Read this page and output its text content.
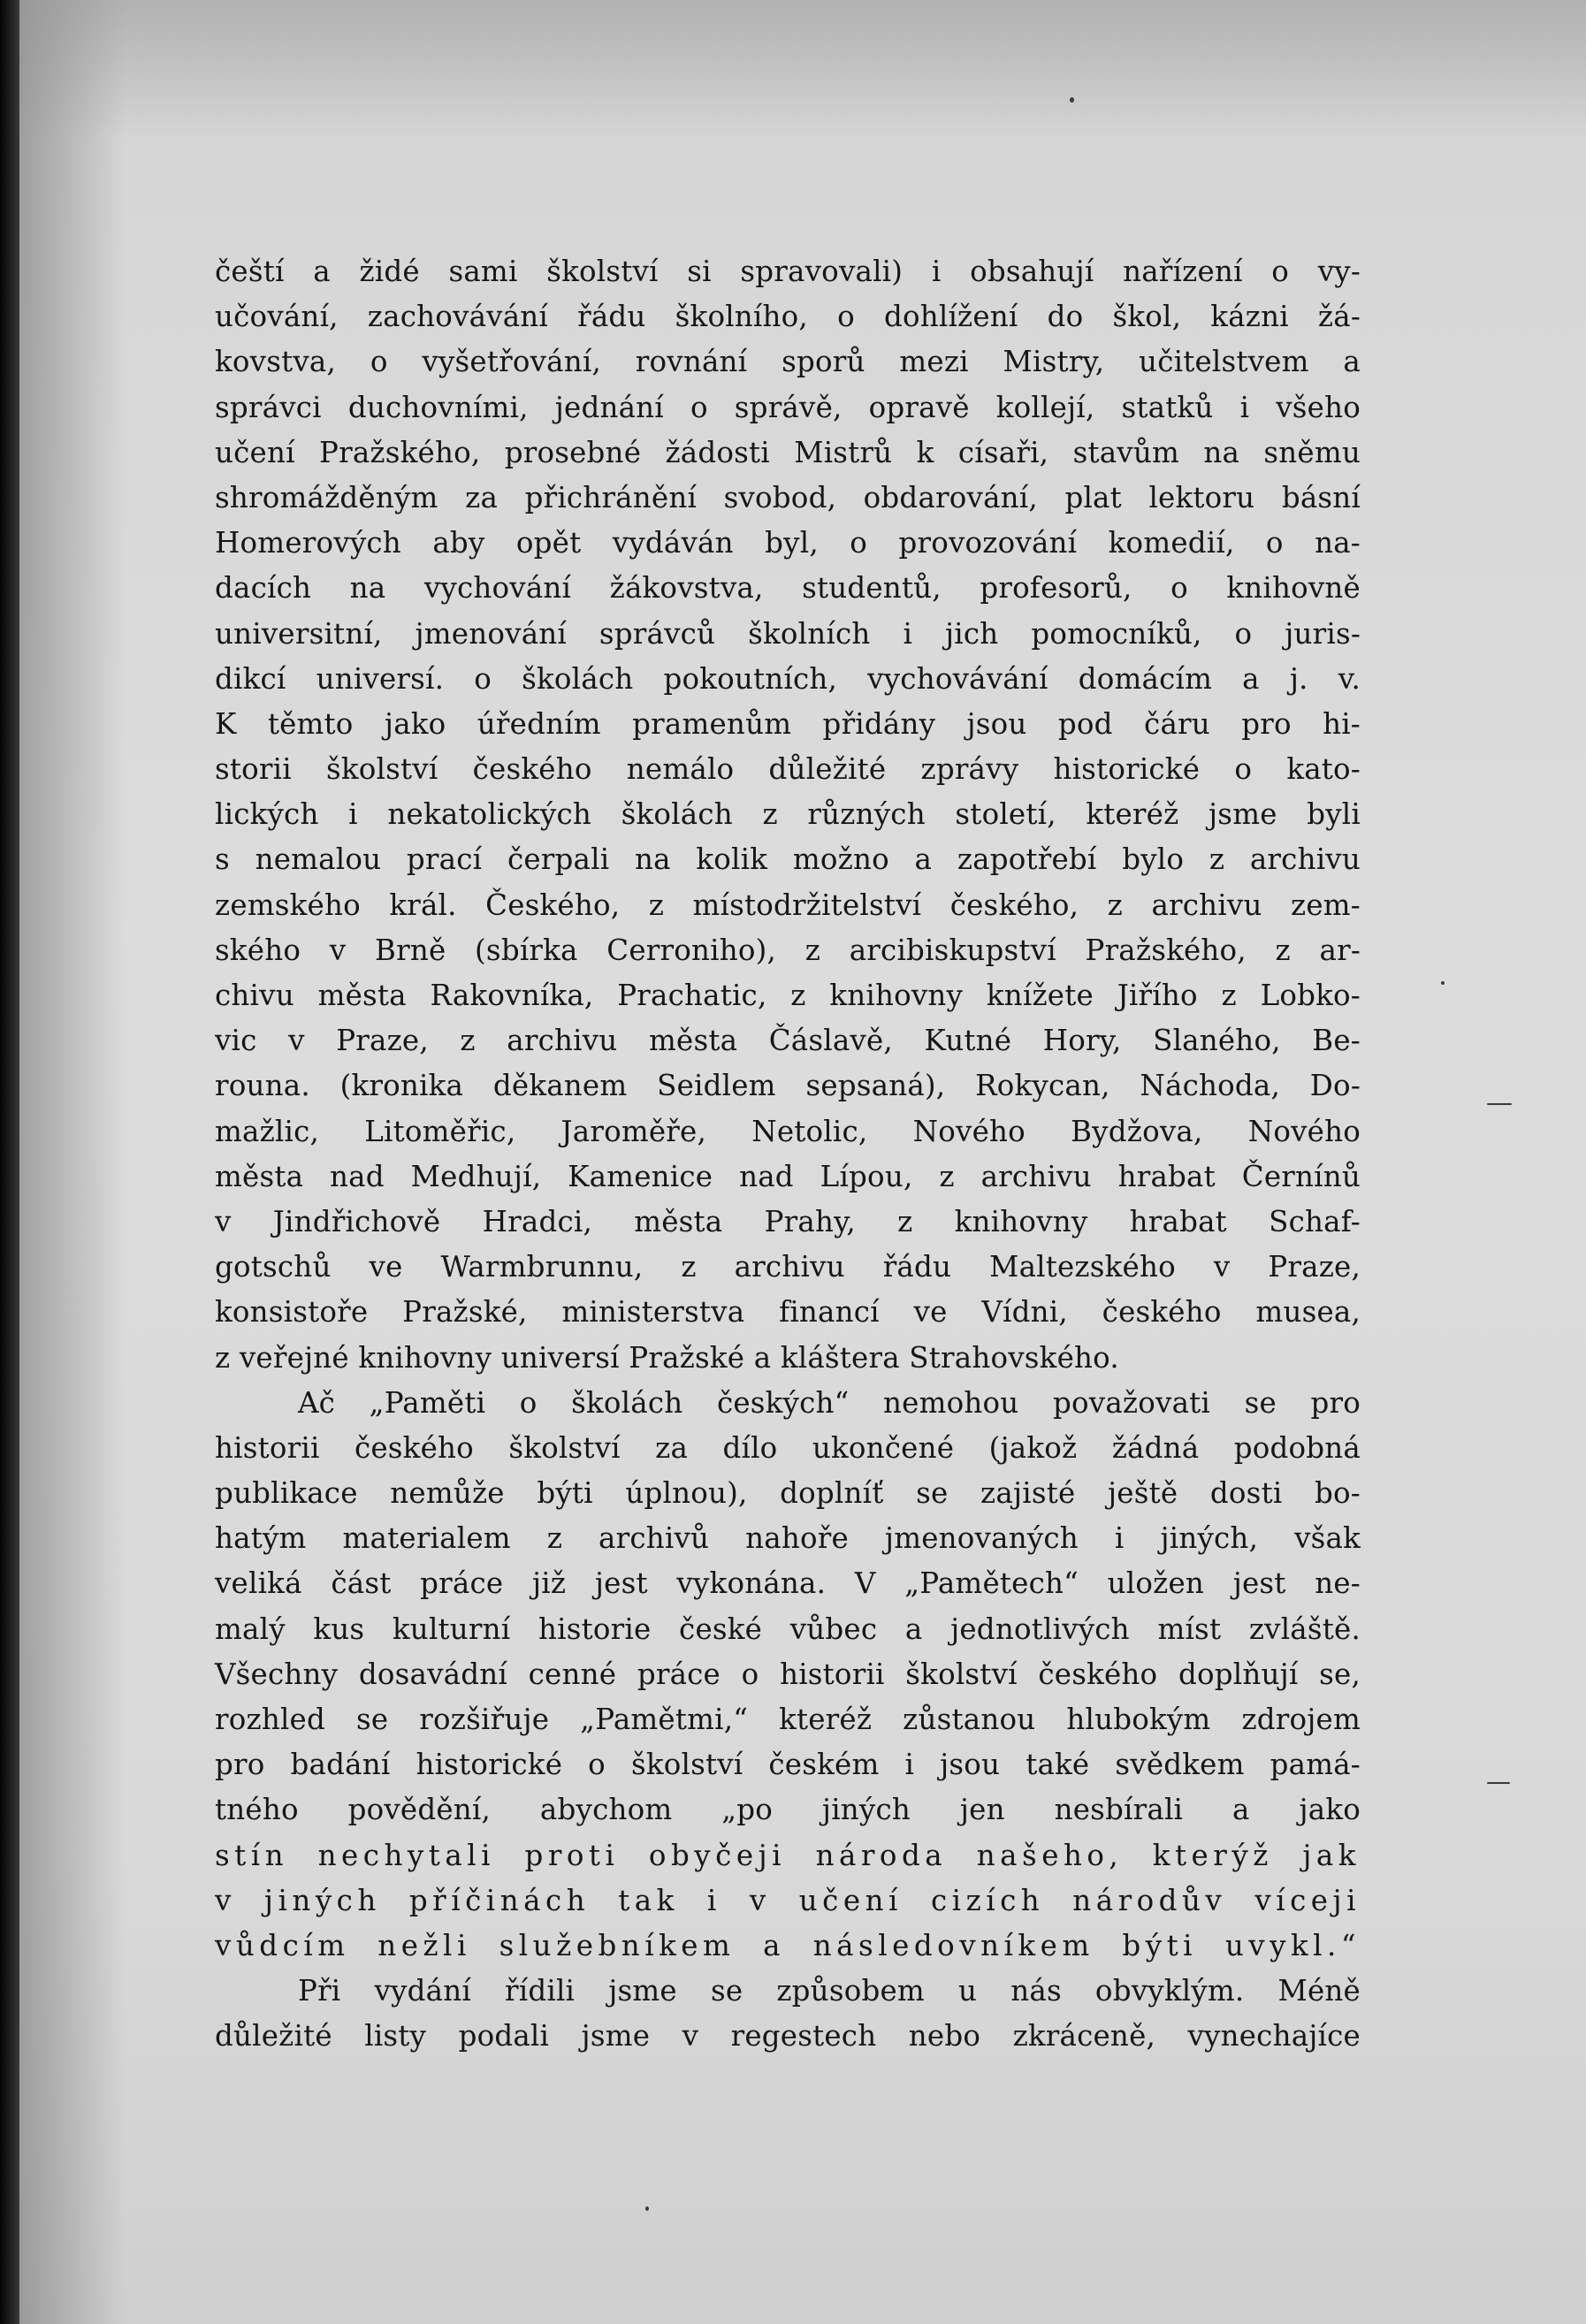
čeští a židé sami školství si spravovali) i obsahují nařízení o vy-
učování, zachovávání řádu školního, o dohlížení do škol, kázni žá-
kovstva, o vyšetřování, rovnání sporů mezi Mistry, učitelstvem a
správci duchovními, jednání o správě, opravě kollejí, statků i všeho
učení Pražského, prosebné žádosti Mistrů k císaři, stavům na sněmu
shromážděným za přichránění svobod, obdarování, plat lektoru básní
Homerových aby opět vydáván byl, o provozování komedií, o na-
dacích na vychování žákovstva, studentů, profesorů, o knihovně
universitní, jmenování správců školních i jich pomocníků, o juris-
dikcí universí. o školách pokoutních, vychovávání domácím a j. v.
K těmto jako úředním pramenům přidány jsou pod čáru pro hi-
storii školství českého nemálo důležité zprávy historické o kato-
lických i nekatolických školách z různých století, kteréž jsme byli
s nemalou prací čerpali na kolik možno a zapotřebí bylo z archivu
zemského král. Českého, z místodržitelství českého, z archivu zem-
ského v Brně (sbírka Cerroniho), z arcibiskupství Pražského, z ar-
chivu města Rakovníka, Prachatic, z knihovny knížete Jiřího z Lobko-
vic v Praze, z archivu města Čáslavě, Kutné Hory, Slaného, Be-
rouna. (kronika děkanem Seidlem sepsaná), Rokycan, Náchoda, Do-
mažlic, Litoměřic, Jaroměře, Netolic, Nového Bydžova, Nového
města nad Medhují, Kamenice nad Lípou, z archivu hrabat Černínů
v Jindřichově Hradci, města Prahy, z knihovny hrabat Schaf-
gotschů ve Warmbrunnu, z archivu řádu Maltezského v Praze,
konsistoře Pražské, ministerstva financí ve Vídni, českého musea,
z veřejné knihovny universí Pražské a kláštera Strahovského.
Ač „Paměti o školách českých“ nemohou považovati se pro
historii českého školství za dílo ukončené (jakož žádná podobná
publikace nemůže býti úplnou), doplníť se zajisté ještě dosti bo-
hatým materialem z archivů nahoře jmenovaných i jiných, však
veliká část práce již jest vykonána. V „Pamětech“ uložen jest ne-
malý kus kulturní historie české vůbec a jednotlivých míst zvláště.
Všechny dosavádní cenné práce o historii školství českého doplňují se,
rozhled se rozšiřuje „Pamětmi,“ kteréž zůstanou hlubokým zdrojem
pro badání historické o školství českém i jsou také svědkem pamá-
tného povědění, abychom „po jiných jen nesbírali a jako
stín nechytali proti obyčeji národa našeho, kterýž jak
v jiných příčinách tak i v učení cizích národův víceji
vůdcím nežli služebníkem a následovníkem býti uvykl.“
Při vydání řídili jsme se způsobem u nás obvyklým. Méně
důležité listy podali jsme v regestech nebo zkráceně, vynechajíce
